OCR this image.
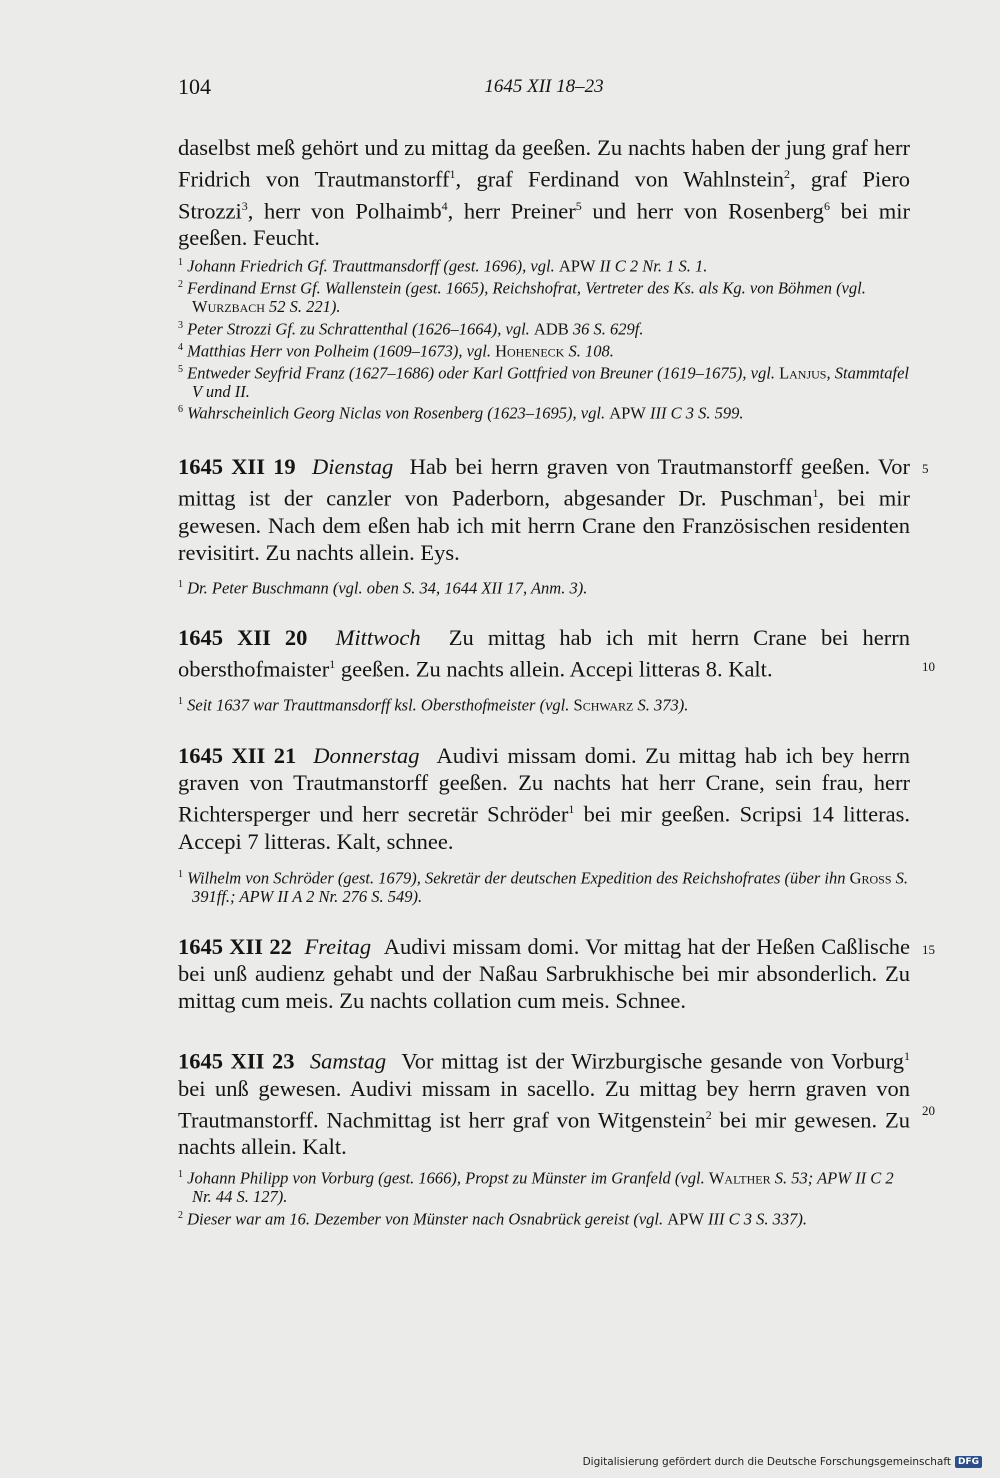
104	1645 XII 18–23
daselbst meß gehört und zu mittag da geeßen. Zu nachts haben der jung graf herr Fridrich von Trautmanstorff$^1$, graf Ferdinand von Wahlnstein$^2$, graf Piero Strozzi$^3$, herr von Polhaimb$^4$, herr Preiner$^5$ und herr von Rosenberg$^6$ bei mir geeßen. Feucht.
$^1$ Johann Friedrich Gf. Trauttmansdorff (gest. 1696), vgl. APW II C 2 Nr. 1 S. 1.
$^2$ Ferdinand Ernst Gf. Wallenstein (gest. 1665), Reichshofrat, Vertreter des Ks. als Kg. von Böhmen (vgl. Wurzbach 52 S. 221).
$^3$ Peter Strozzi Gf. zu Schrattenthal (1626–1664), vgl. ADB 36 S. 629f.
$^4$ Matthias Herr von Polheim (1609–1673), vgl. Hoheneck S. 108.
$^5$ Entweder Seyfrid Franz (1627–1686) oder Karl Gottfried von Breuner (1619–1675), vgl. Lanjus, Stammtafel V und II.
$^6$ Wahrscheinlich Georg Niclas von Rosenberg (1623–1695), vgl. APW III C 3 S. 599.
1645 XII 19 Dienstag Hab bei herrn graven von Trautmanstorff geeßen. Vor mittag ist der canzler von Paderborn, abgesander Dr. Puschman$^1$, bei mir gewesen. Nach dem eßen hab ich mit herrn Crane den Französischen residenten revisitirt. Zu nachts allein. Eys.
5
$^1$ Dr. Peter Buschmann (vgl. oben S. 34, 1644 XII 17, Anm. 3).
1645 XII 20 Mittwoch Zu mittag hab ich mit herrn Crane bei herrn obersthofmaister$^1$ geeßen. Zu nachts allein. Accepi litteras 8. Kalt.	10
$^1$ Seit 1637 war Trauttmansdorff ksl. Obersthofmeister (vgl. Schwarz S. 373).
1645 XII 21 Donnerstag Audivi missam domi. Zu mittag hab ich bey herrn graven von Trautmanstorff geeßen. Zu nachts hat herr Crane, sein frau, herr Richtersperger und herr secretär Schröder$^1$ bei mir geeßen. Scripsi 14 litteras. Accepi 7 litteras. Kalt, schnee.
$^1$ Wilhelm von Schröder (gest. 1679), Sekretär der deutschen Expedition des Reichshofrates (über ihn Gross S. 391ff.; APW II A 2 Nr. 276 S. 549).
1645 XII 22 Freitag Audivi missam domi. Vor mittag hat der Heßen Caßlische bei unß audienz gehabt und der Naßau Sarbrukhische bei mir absonderlich. Zu mittag cum meis. Zu nachts collation cum meis. Schnee.
15
1645 XII 23 Samstag Vor mittag ist der Wirzburgische gesande von Vorburg$^1$ bei unß gewesen. Audivi missam in sacello. Zu mittag bey herrn graven von Trautmanstorff. Nachmittag ist herr graf von Witgenstein$^2$ bei mir gewesen. Zu nachts allein. Kalt.
20
$^1$ Johann Philipp von Vorburg (gest. 1666), Propst zu Münster im Granfeld (vgl. Walther S. 53; APW II C 2 Nr. 44 S. 127).
$^2$ Dieser war am 16. Dezember von Münster nach Osnabrück gereist (vgl. APW III C 3 S. 337).
Digitalisierung gefördert durch die Deutsche Forschungsgemeinschaft DFG
